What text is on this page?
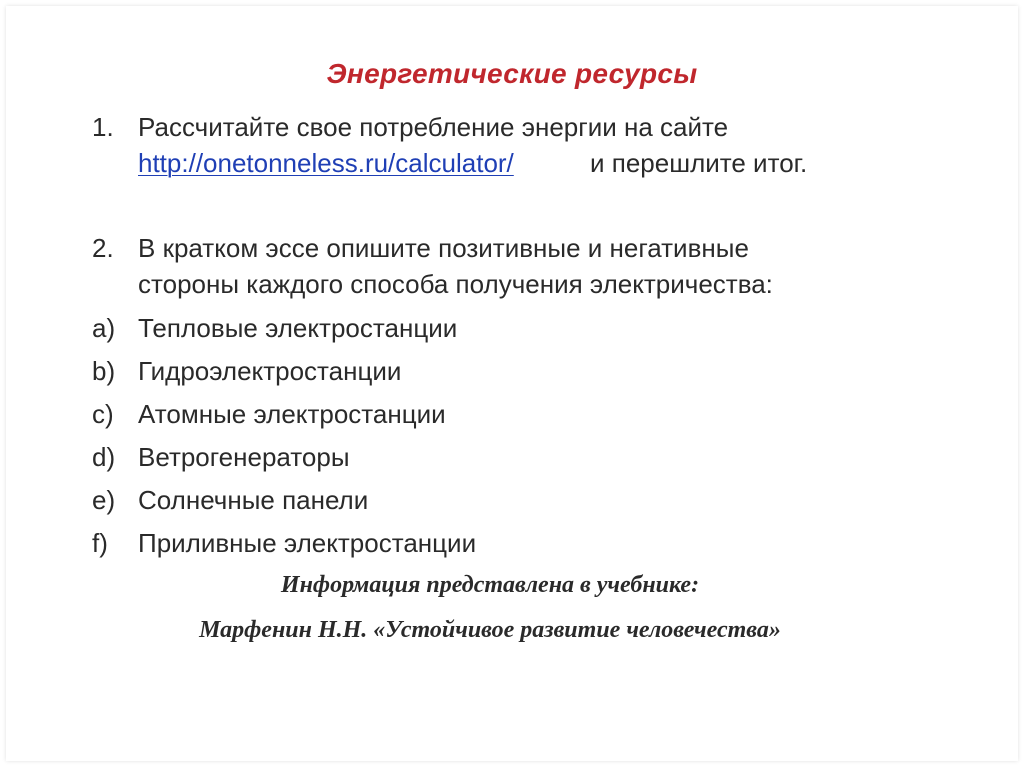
Энергетические ресурсы
1. Рассчитайте свое потребление энергии на сайте
http://onetonneless.ru/calculator/	и перешлите итог.
2. В кратком эссе опишите позитивные и негативные
стороны каждого способа получения электричества:
a) Тепловые электростанции
b) Гидроэлектростанции
c) Атомные электростанции
d) Ветрогенераторы
e) Солнечные панели
f) Приливные электростанции
Информация представлена в учебнике:
Марфенин Н.Н. «Устойчивое развитие человечества»
